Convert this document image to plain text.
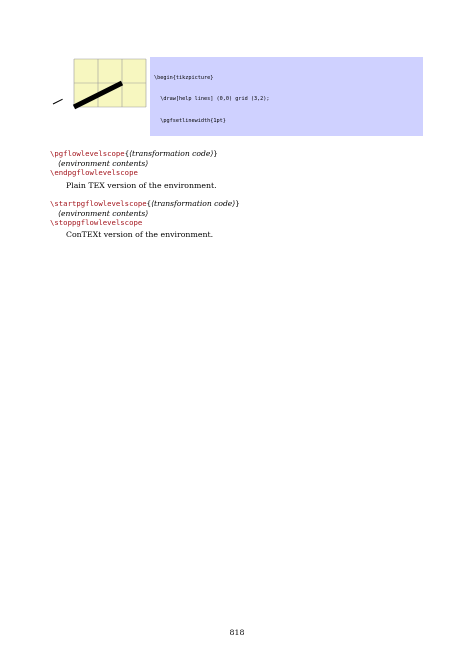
\begin{tikzpicture}

\draw[help lines] (0,0) grid (3,2);

\pgfsetlinewidth{1pt}

\pgflowlevelscope{⟨transformation code⟩}
⟨environment contents⟩
\endpgflowlevelscope
Plain TEX version of the environment.
\startpgflowlevelscope{⟨transformation code⟩}
⟨environment contents⟩
\stoppgflowlevelscope
ConTEXt version of the environment.
818
